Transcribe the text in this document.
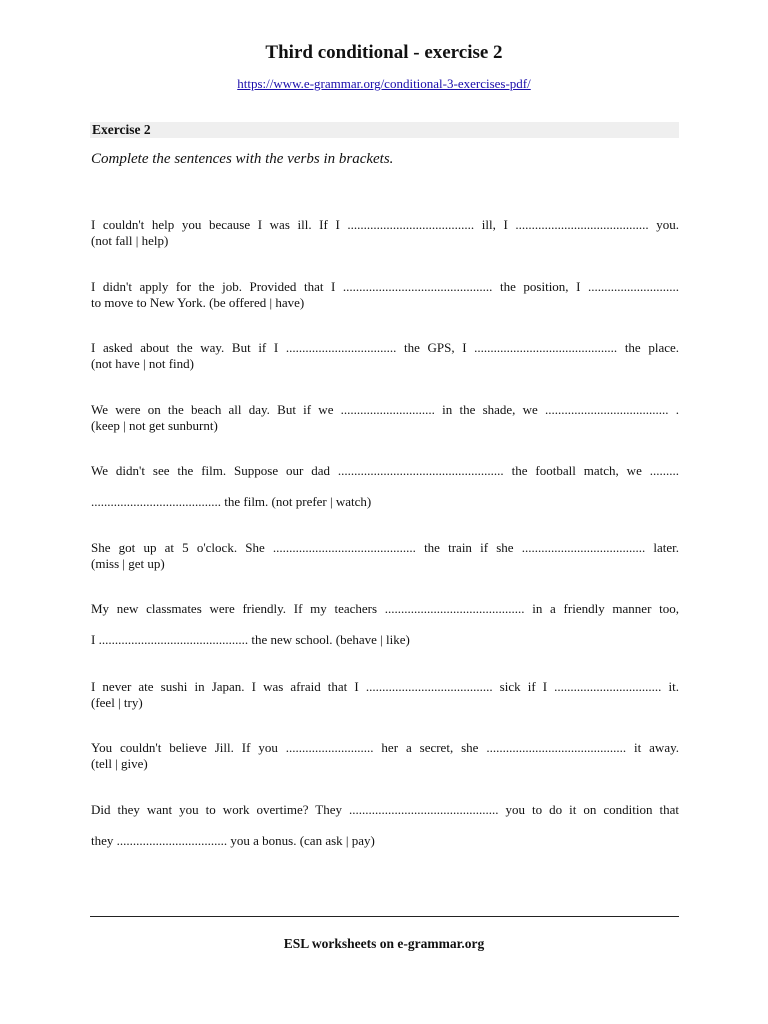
Third conditional - exercise 2
https://www.e-grammar.org/conditional-3-exercises-pdf/
Exercise 2
Complete the sentences with the verbs in brackets.
I couldn't help you because I was ill. If I ....................................... ill, I ......................................... you.
(not fall | help)
I didn't apply for the job. Provided that I .............................................. the position, I ............................
to move to New York. (be offered | have)
I asked about the way. But if I .................................. the GPS, I ............................................ the place.
(not have | not find)
We were on the beach all day. But if we ............................. in the shade, we ...................................... .
(keep | not get sunburnt)
We didn't see the film. Suppose our dad ................................................... the football match, we .........
........................................ the film. (not prefer | watch)
She got up at 5 o'clock. She ............................................ the train if she ...................................... later.
(miss | get up)
My new classmates were friendly. If my teachers ........................................... in a friendly manner too,
I .............................................. the new school. (behave | like)
I never ate sushi in Japan. I was afraid that I ....................................... sick if I ................................. it.
(feel | try)
You couldn't believe Jill. If you ........................... her a secret, she ........................................... it away.
(tell | give)
Did they want you to work overtime? They .............................................. you to do it on condition that
they .................................. you a bonus. (can ask | pay)
ESL worksheets on e-grammar.org
